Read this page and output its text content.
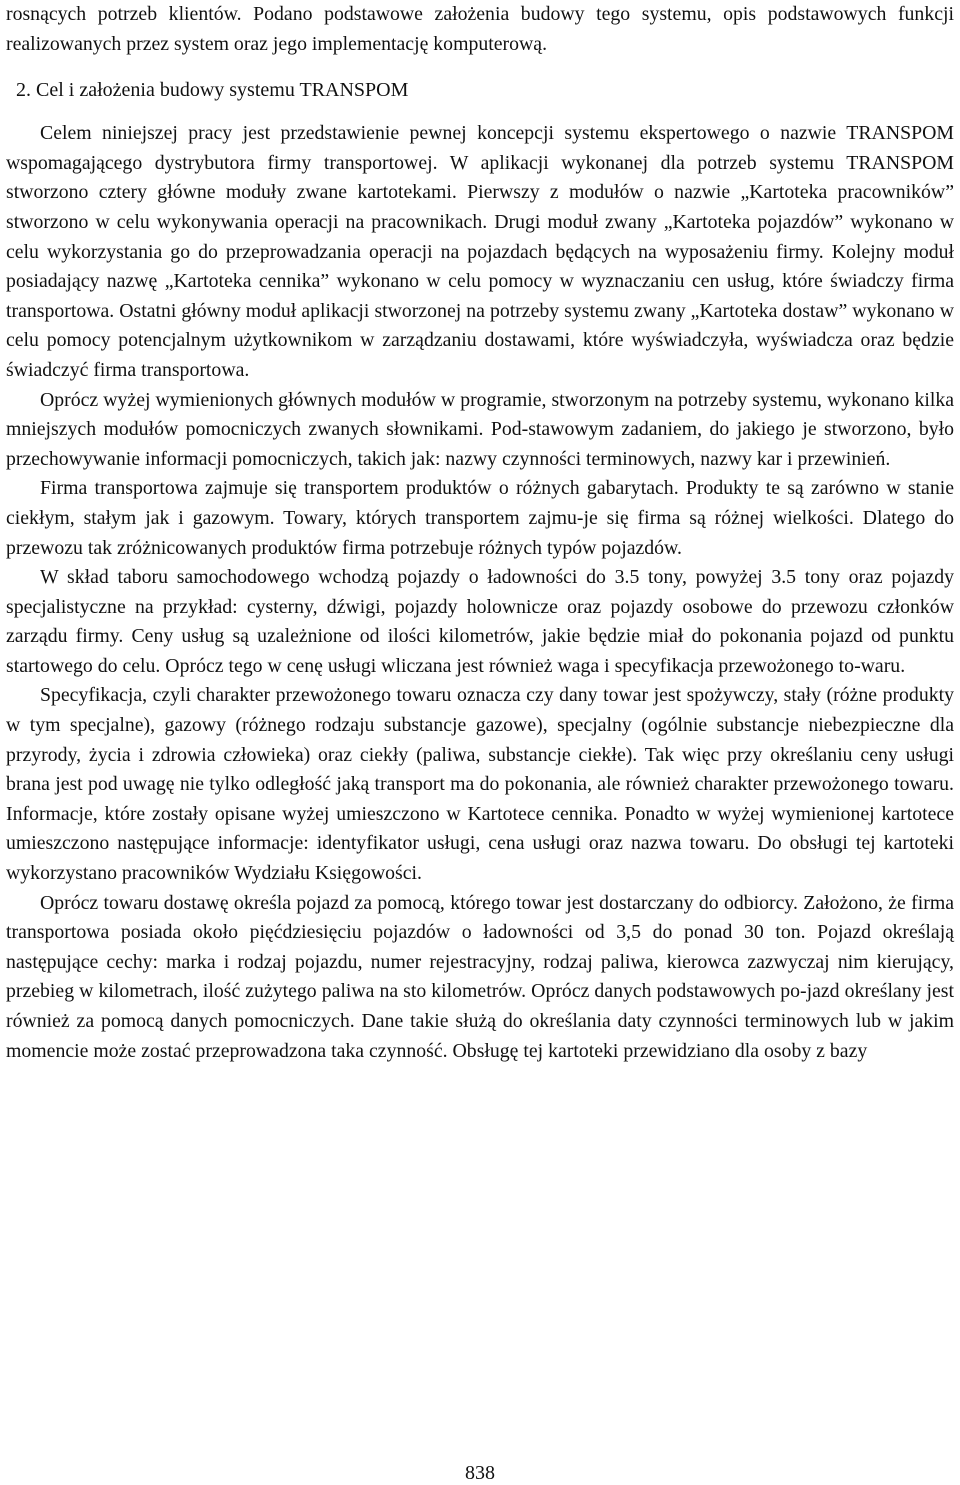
rosnących potrzeb klientów. Podano podstawowe założenia budowy tego systemu, opis podstawowych funkcji realizowanych przez system oraz jego implementację komputerową.

2. Cel i założenia budowy systemu TRANSPOM

Celem niniejszej pracy jest przedstawienie pewnej koncepcji systemu ekspertowego o nazwie TRANSPOM wspomagającego dystrybutora firmy transportowej. W aplikacji wykonanej dla potrzeb systemu TRANSPOM stworzono cztery główne moduły zwane kartotekami. Pierwszy z modułów o nazwie „Kartoteka pracowników” stworzono w celu wykonywania operacji na pracownikach. Drugi moduł zwany „Kartoteka pojazdów” wykonano w celu wykorzystania go do przeprowadzania operacji na pojazdach będących na wyposażeniu firmy. Kolejny moduł posiadający nazwę „Kartoteka cennika” wykonano w celu pomocy w wyznaczaniu cen usług, które świadczy firma transportowa. Ostatni główny moduł aplikacji stworzonej na potrzeby systemu zwany „Kartoteka dostaw” wykonano w celu pomocy potencjalnym użytkownikom w zarządzaniu dostawami, które wyświadczyła, wyświadcza oraz będzie świadczyć firma transportowa.

Oprócz wyżej wymienionych głównych modułów w programie, stworzonym na potrzeby systemu, wykonano kilka mniejszych modułów pomocniczych zwanych słownikami. Pod-stawowym zadaniem, do jakiego je stworzono, było przechowywanie informacji pomocniczych, takich jak: nazwy czynności terminowych, nazwy kar i przewinień.

Firma transportowa zajmuje się transportem produktów o różnych gabarytach. Produkty te są zarówno w stanie ciekłym, stałym jak i gazowym. Towary, których transportem zajmu-je się firma są różnej wielkości. Dlatego do przewozu tak zróżnicowanych produktów firma potrzebuje różnych typów pojazdów.

W skład taboru samochodowego wchodzą pojazdy o ładowności do 3.5 tony, powyżej 3.5 tony oraz pojazdy specjalistyczne na przykład: cysterny, dźwigi, pojazdy holownicze oraz pojazdy osobowe do przewozu członków zarządu firmy. Ceny usług są uzależnione od ilości kilometrów, jakie będzie miał do pokonania pojazd od punktu startowego do celu. Oprócz tego w cenę usługi wliczana jest również waga i specyfikacja przewożonego to-waru.

Specyfikacja, czyli charakter przewożonego towaru oznacza czy dany towar jest spożywczy, stały (różne produkty w tym specjalne), gazowy (różnego rodzaju substancje gazowe), specjalny (ogólnie substancje niebezpieczne dla przyrody, życia i zdrowia człowieka) oraz ciekły (paliwa, substancje ciekłe). Tak więc przy określaniu ceny usługi brana jest pod uwagę nie tylko odległość jaką transport ma do pokonania, ale również charakter przewożonego towaru. Informacje, które zostały opisane wyżej umieszczono w Kartotece cennika. Ponadto w wyżej wymienionej kartotece umieszczono następujące informacje: identyfikator usługi, cena usługi oraz nazwa towaru. Do obsługi tej kartoteki wykorzystano pracowników Wydziału Księgowości.

Oprócz towaru dostawę określa pojazd za pomocą, którego towar jest dostarczany do odbiorcy. Założono, że firma transportowa posiada około pięćdziesięciu pojazdów o ładowności od 3,5 do ponad 30 ton. Pojazd określają następujące cechy: marka i rodzaj pojazdu, numer rejestracyjny, rodzaj paliwa, kierowca zazwyczaj nim kierujący, przebieg w kilometrach, ilość zużytego paliwa na sto kilometrów. Oprócz danych podstawowych po-jazd określany jest również za pomocą danych pomocniczych. Dane takie służą do określania daty czynności terminowych lub w jakim momencie może zostać przeprowadzona taka czynność. Obsługę tej kartoteki przewidziano dla osoby z bazy

838
